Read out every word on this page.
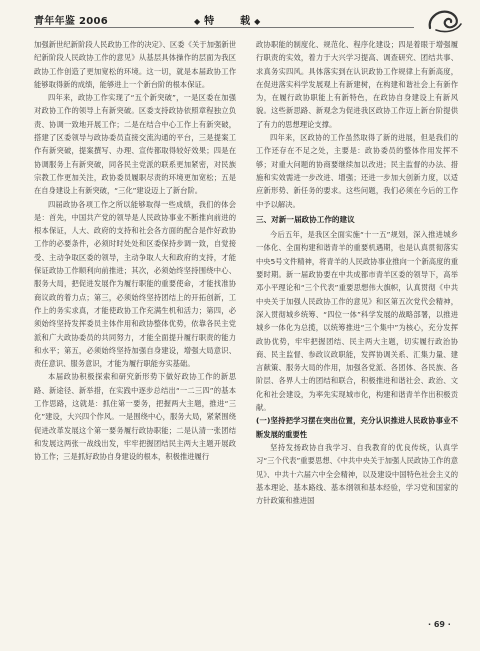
青年年鉴 2006	◆ 特	载 ◆

加强新世纪新阶段人民政协工作的决定》、区委《关于加强新世纪新阶段人民政协工作的意见》从基层具体操作的层面为我区政协工作创造了更加宽松的环境。这一切，就是本届政协工作能够取得新的成绩，能够进上一个新台阶的根本保证。

四年来，政协工作实现了“五个新突破”，一是区委在加强对政协工作的领导上有新突破。区委支持政协依照章程独立负责、协调一致地开展工作；二是在结合中心工作上有新突破，搭建了区委领导与政协委员直接交流沟通的平台，三是提案工作有新突破，提案撰写、办理、宣传都取得较好效果；四是在协调服务上有新突破，同各民主党派的联系更加紧密，对民族宗教工作更加关注，政协委员履职尽责的环境更加宽松；五是在自身建设上有新突破，“三化”建设迈上了新台阶。

四届政协各项工作之所以能够取得一些成绩，我们的体会是：首先，中国共产党的领导是人民政协事业不断推向前进的根本保证，人大、政府的支持和社会各方面的配合是作好政协工作的必要条件，必须时时处处和区委保持步调一致，自觉接受、主动争取区委的领导，主动争取人大和政府的支持，才能保证政协工作顺利向前推进；其次，必须始终坚持围绕中心、服务大局，把促进发展作为履行职能的重要使命，才能找准协商议政的着力点；第三，必须始终坚持团结上的开拓创新，工作上的务实求真，才能使政协工作充满生机和活力；第四，必须始终坚持发挥委员主体作用和政协整体优势，依靠各民主党派和广大政协委员的共同努力，才能全面提升履行职责的能力和水平；第五，必须始终坚持加强自身建设，增强大局意识、责任意识、服务意识，才能为履行职能夯实基础。

本届政协积极探索和研究新形势下做好政协工作的新思路、新途径、新举措，在实践中逐步总结出“一二三四”的基本工作思路，这就是：抓住第一要务，把握两大主题，推进“三化”建设，大兴四个作风。一是围绕中心，服务大局，紧紧围绕促进改革发展这个第一要务履行政协职能；二是认清一张团结和发展这两张一战线出发，牢牢把握团结民主两大主题开展政协工作；三是抓好政协自身建设的根本，积极推进履行

政协职能的制度化、规范化、程序化建设；四是着眼于增强履行职责的实效，着力于大兴学习提高、调查研究、团结共事、求真务实四风。具体落实到在认识政协工作规律上有新高度，在促进落实科学发展观上有新建树，在构建和谐社会上有新作为，在履行政协职能上有新特色，在政协自身建设上有新风貌。这些新思路、新观念为促进我区政协工作迈上新台阶提供了有力的思想理论支撑。

四年来，区政协的工作虽然取得了新的进展，但是我们的工作还存在不足之处，主要是：政协委员的整体作用发挥不够；对重大问题的协商要继续加以改进；民主监督的办法、措施和实效需进一步改进、增强；还进一步加大创新力度，以适应新形势、新任务的要求。这些问题，我们必须在今后的工作中予以解决。

三、对新一届政协工作的建议

今后五年，是我区全面实施“十一五”规划，深入推进城乡一体化、全面构建和谐青羊的重要机遇期，也是认真贯彻落实中央5号文件精神，将青羊的人民政协事业推向一个新高度的重要时期。新一届政协要在中共成都市青羊区委的领导下，高举邓小平理论和“三个代表”重要思想伟大旗帜，认真贯彻《中共中央关于加强人民政协工作的意见》和区第五次党代会精神，深入贯彻城乡统筹、“四位一体”科学发展的战略部署，以推进城乡一体化为总揽，以统筹推进“三个集中”为核心，充分发挥政协优势，牢牢把握团结、民主两大主题，切实履行政治协商、民主监督、参政议政职能，发挥协调关系、汇集力量、建言献策、服务大局的作用，加强各党派、各团体、各民族、各阶层、各界人士的团结和联合，积极推进和谐社会、政治、文化和社会建设，为率先实现城市化，构建和谐青羊作出积极贡献。

(一)坚持把学习摆在突出位置，充分认识推进人民政协事业不断发展的重要性

坚持发扬政协自我学习、自我教育的优良传统，认真学习“三个代表”重要思想、《中共中央关于加强人民政协工作的意见》、中共十六届六中全会精神，以及建设中国特色社会主义的基本理论、基本路线、基本纲领和基本经验，学习党和国家的方针政策和推进国

· 69 ·
